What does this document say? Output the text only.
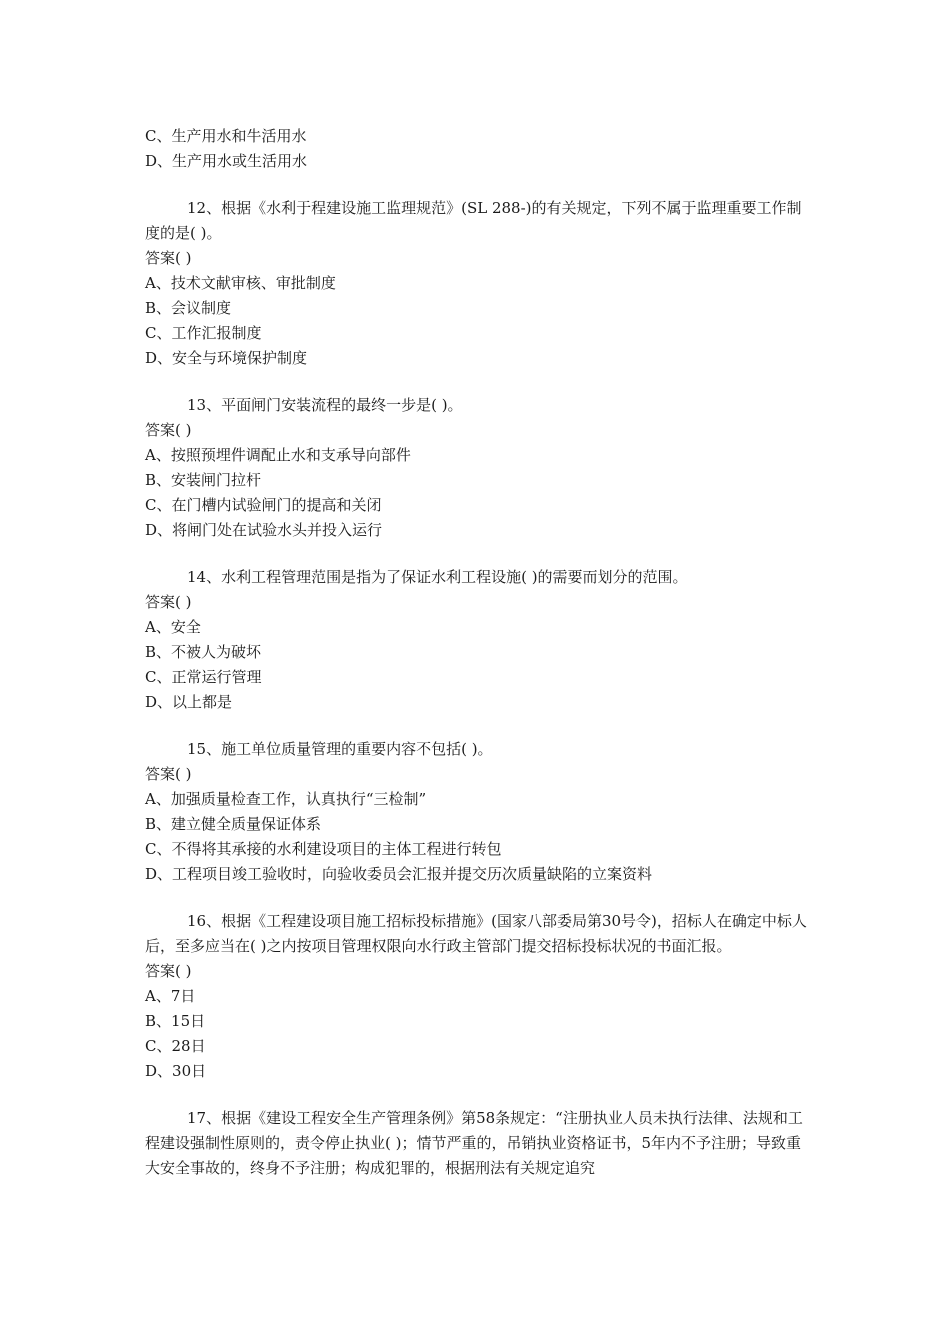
C、生产用水和牛活用水
D、生产用水或生活用水
12、根据《水利于程建设施工监理规范》(SL 288-)的有关规定，下列不属于监理重要工作制度的是( )。
答案( )
A、技术文献审核、审批制度
B、会议制度
C、工作汇报制度
D、安全与环境保护制度
13、平面闸门安装流程的最终一步是( )。
答案( )
A、按照预埋件调配止水和支承导向部件
B、安装闸门拉杆
C、在门槽内试验闸门的提高和关闭
D、将闸门处在试验水头并投入运行
14、水利工程管理范围是指为了保证水利工程设施( )的需要而划分的范围。
答案( )
A、安全
B、不被人为破坏
C、正常运行管理
D、以上都是
15、施工单位质量管理的重要内容不包括( )。
答案( )
A、加强质量检查工作，认真执行“三检制”
B、建立健全质量保证体系
C、不得将其承接的水利建设项目的主体工程进行转包
D、工程项目竣工验收时，向验收委员会汇报并提交历次质量缺陷的立案资料
16、根据《工程建设项目施工招标投标措施》(国家八部委局第30号令)，招标人在确定中标人后，至多应当在( )之内按项目管理权限向水行政主管部门提交招标投标状况的书面汇报。
答案( )
A、7日
B、15日
C、28日
D、30日
17、根据《建设工程安全生产管理条例》第58条规定：“注册执业人员未执行法律、法规和工程建设强制性原则的，责令停止执业( )；情节严重的，吊销执业资格证书，5年内不予注册；导致重大安全事故的，终身不予注册；构成犯罪的，根据刑法有关规定追究
